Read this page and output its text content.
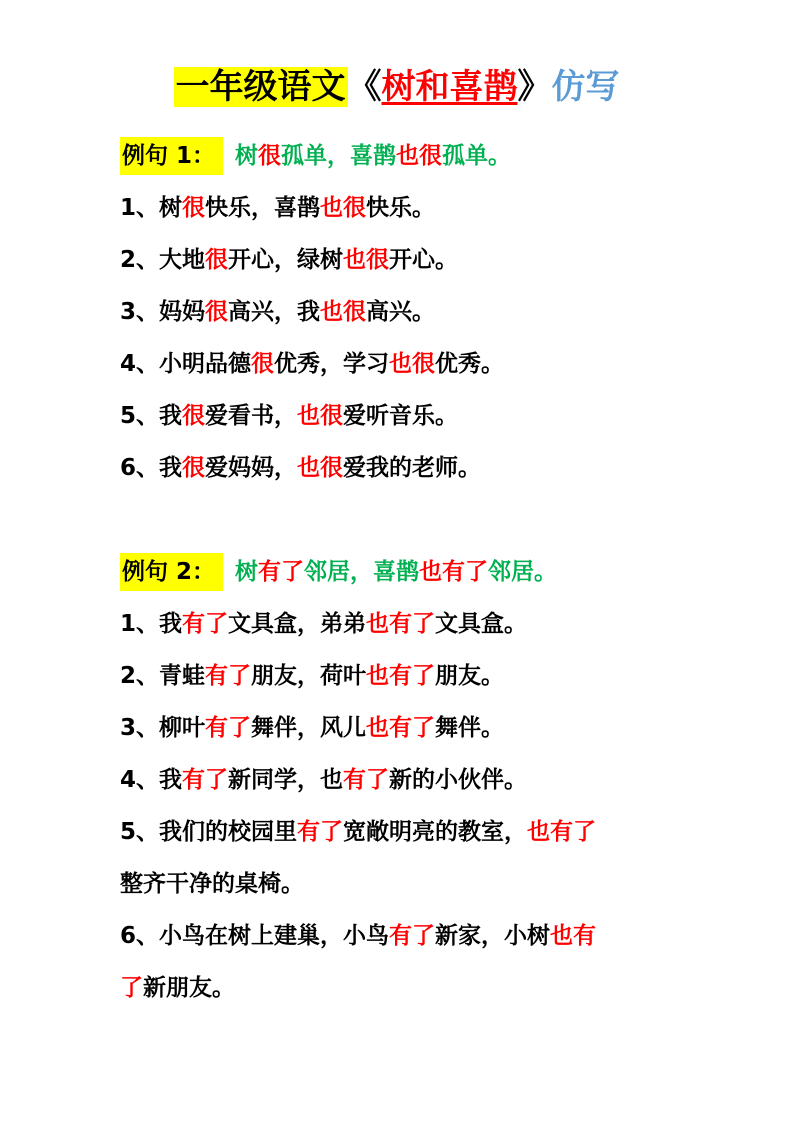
一年级语文《树和喜鹊》仿写
例句 1： 树很孤单，喜鹊也很孤单。
1、树很快乐，喜鹊也很快乐。
2、大地很开心，绿树也很开心。
3、妈妈很高兴，我也很高兴。
4、小明品德很优秀，学习也很优秀。
5、我很爱看书，也很爱听音乐。
6、我很爱妈妈，也很爱我的老师。
例句 2： 树有了邻居，喜鹊也有了邻居。
1、我有了文具盒，弟弟也有了文具盒。
2、青蛙有了朋友，荷叶也有了朋友。
3、柳叶有了舞伴，风儿也有了舞伴。
4、我有了新同学，也有了新的小伙伴。
5、我们的校园里有了宽敞明亮的教室，也有了
整齐干净的桌椅。
6、小鸟在树上建巢，小鸟有了新家，小树也有
了新朋友。
